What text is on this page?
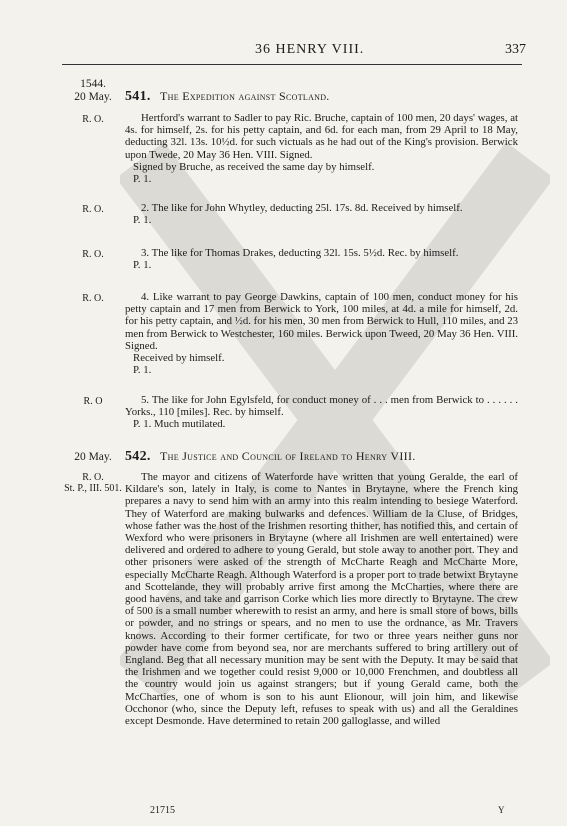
36 HENRY VIII.	337
1544.
20 May. 541. The Expedition against Scotland.
R. O.	Hertford's warrant to Sadler to pay Ric. Bruche, captain of 100 men, 20 days' wages, at 4s. for himself, 2s. for his petty captain, and 6d. for each man, from 29 April to 18 May, deducting 32l. 13s. 10½d. for such victuals as he had out of the King's provision. Berwick upon Twede, 20 May 36 Hen. VIII. Signed.
Signed by Bruche, as received the same day by himself.
P. 1.
R. O.	2. The like for John Whytley, deducting 25l. 17s. 8d. Received by himself.
P. 1.
R. O.	3. The like for Thomas Drakes, deducting 32l. 15s. 5½d. Rec. by himself.
P. 1.
R. O.	4. Like warrant to pay George Dawkins, captain of 100 men, conduct money for his petty captain and 17 men from Berwick to York, 100 miles, at 4d. a mile for himself, 2d. for his petty captain, and ½d. for his men, 30 men from Berwick to Hull, 110 miles, and 23 men from Berwick to Westchester, 160 miles. Berwick upon Tweed, 20 May 36 Hen. VIII. Signed.
Received by himself.
P. 1.
R. O	5. The like for John Egylsfeld, for conduct money of . . . men from Berwick to . . . . . . Yorks., 110 [miles]. Rec. by himself.
P. 1. Much mutilated.
20 May. 542. The Justice and Council of Ireland to Henry VIII.
R. O.
St. P., III. 501.
The mayor and citizens of Waterforde have written that young Geralde, the earl of Kildare's son, lately in Italy, is come to Nantes in Brytayne, where the French king prepares a navy to send him with an army into this realm intending to besiege Waterford. They of Waterford are making bulwarks and defences. William de la Cluse, of Bridges, whose father was the host of the Irishmen resorting thither, has notified this, and certain of Wexford who were prisoners in Brytayne (where all Irishmen are well entertained) were delivered and ordered to adhere to young Gerald, but stole away to another port. They and other prisoners were asked of the strength of McCharte Reagh and McCharte More, especially McCharte Reagh. Although Waterford is a proper port to trade betwixt Brytayne and Scottelande, they will probably arrive first among the McCharties, where there are good havens, and take and garrison Corke which lies more directly to Brytayne. The crew of 500 is a small number wherewith to resist an army, and here is small store of bows, bills or powder, and no strings or spears, and no men to use the ordnance, as Mr. Travers knows. According to their former certificate, for two or three years neither guns nor powder have come from beyond sea, nor are merchants suffered to bring artillery out of England. Beg that all necessary munition may be sent with the Deputy. It may be said that the Irishmen and we together could resist 9,000 or 10,000 Frenchmen, and doubtless all the country would join us against strangers; but if young Gerald came, both the McCharties, one of whom is son to his aunt Elionour, will join him, and likewise Occhonor (who, since the Deputy left, refuses to speak with us) and all the Geraldines except Desmonde. Have determined to retain 200 galloglasse, and willed
21715	Y
